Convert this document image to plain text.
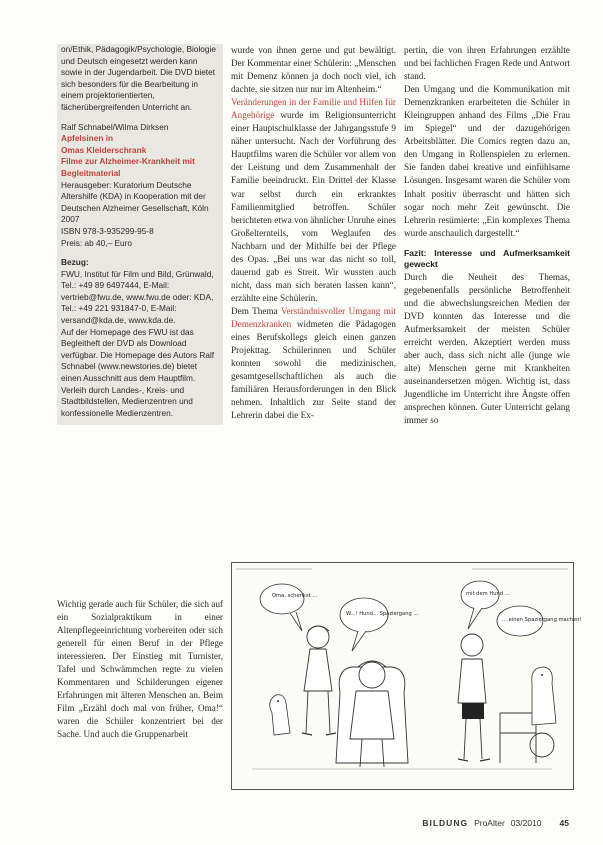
on/Ethik, Pädagogik/Psychologie, Biologie und Deutsch eingesetzt werden kann sowie in der Jugendarbeit. Die DVD bietet sich besonders für die Bearbeitung in einem projektorientierten, fächerübergreifenden Unterricht an.

Ralf Schnabel/Wilma Dirksen
Apfelsinen in
Omas Kleiderschrank
Filme zur Alzheimer-Krankheit mit Begleitmaterial
Herausgeber: Kuratorium Deutsche Altershilfe (KDA) in Kooperation mit der Deutschen Alzheimer Gesellschaft, Köln 2007
ISBN 978-3-935299-95-8
Preis: ab 40,– Euro

Bezug:
FWU, Institut für Film und Bild, Grünwald, Tel.: +49 89 6497444, E-Mail: vertrieb@fwu.de, www.fwu.de oder: KDA, Tel.: +49 221 931847-0, E-Mail: versand@kda.de, www.kda.de.
Auf der Homepage des FWU ist das Begleitheft der DVD als Download verfügbar. Die Homepage des Autors Ralf Schnabel (www.newstories.de) bietet einen Ausschnitt aus dem Hauptfilm.
Verleih durch Landes-, Kreis- und Stadtbildstellen, Medienzentren und konfessionelle Medienzentren.

Wichtig gerade auch für Schüler, die sich auf ein Sozialpraktikum in einer Altenpflegeeinrichtung vorbereiten oder sich generell für einen Beruf in der Pflege interessieren. Der Einstieg mit Turnister, Tafel und Schwämmchen regte zu vielen Kommentaren und Schilderungen eigener Erfahrungen mit älteren Menschen an. Beim Film „Erzähl doch mal von früher, Oma!“ waren die Schüler konzentriert bei der Sache. Und auch die Gruppenarbeit

wurde von ihnen gerne und gut bewältigt. Der Kommentar einer Schülerin: „Menschen mit Demenz können ja doch noch viel, ich dachte, sie sitzen nur nur im Altenheim.“

Veränderungen in der Familie und Hilfen für Angehörige wurde im Religionsunterricht einer Hauptschulklasse der Jahrgangsstufe 9 näher untersucht. Nach der Vorführung des Hauptfilms waren die Schüler vor allem von der Leistung und dem Zusammenhalt der Familie beeindruckt. Ein Drittel der Klasse war selbst durch ein erkranktes Familienmitglied betroffen. Schüler berichteten etwa von ähnlicher Unruhe eines Großelternteils, vom Weglaufen des Nachbarn und der Mithilfe bei der Pflege des Opas. „Bei uns war das nicht so toll, dauernd gab es Streit. Wir wussten auch nicht, dass man sich beraten lassen kann“, erzählte eine Schülerin.

Dem Thema Verständnisvoller Umgang mit Demenzkranken widmeten die Pädagogen eines Berufskollegs gleich einen ganzen Projekttag. Schülerinnen und Schüler konnten sowohl die medizinischen, gesamtgesellschaftlichen als auch die familiären Herausforderungen in den Blick nehmen. Inhaltlich zur Seite stand der Lehrerin dabei die Ex-

pertin, die von ihren Erfahrungen erzählte und bei fachlichen Fragen Rede und Antwort stand.

Den Umgang und die Kommunikation mit Demenzkranken erarbeiteten die Schüler in Kleingruppen anhand des Films „Die Frau im Spiegel“ und der dazugehörigen Arbeitsblätter. Die Comics regten dazu an, den Umgang in Rollenspielen zu erlernen. Sie fanden dabei kreative und einfühlsame Lösungen. Insgesamt waren die Schüler vom Inhalt positiv überrascht und hätten sich sogar noch mehr Zeit gewünscht. Die Lehrerin resümierte: „Ein komplexes Thema wurde anschaulich dargestellt.“

Fazit: Interesse und Aufmerksamkeit geweckt

Durch die Neuheit des Themas, gegebenenfalls persönliche Betroffenheit und die abwechslungsreichen Medien der DVD konnten das Interesse und die Aufmerksamkeit der meisten Schüler erreicht werden. Akzeptiert werden muss aber auch, dass sich nicht alle (junge wie alte) Menschen gerne mit Krankheiten auseinandersetzen mögen. Wichtig ist, dass Jugendliche im Unterricht ihre Ängste offen ansprechen können. Guter Unterricht gelang immer so

Oma, schenkst ...
W...! Hund... Spaziergang ...
mit dem Hund ...
... einen Spaziergang machen!
BILDUNG ProAlter 03/2010 45
